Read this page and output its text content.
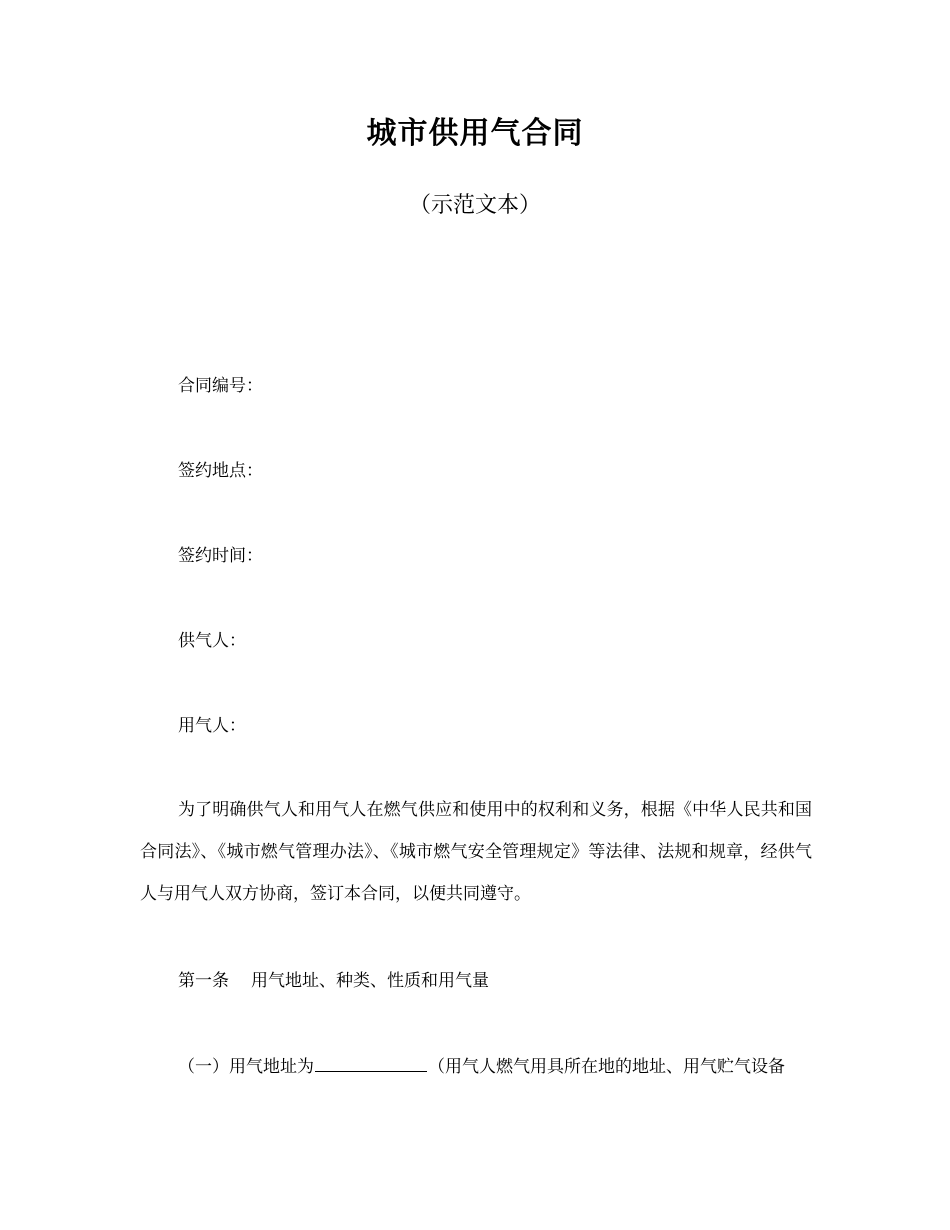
城市供用气合同
（示范文本）
合同编号：
签约地点：
签约时间：
供气人：
用气人：
为了明确供气人和用气人在燃气供应和使用中的权利和义务，根据《中华人民共和国合同法》、《城市燃气管理办法》、《城市燃气安全管理规定》等法律、法规和规章，经供气人与用气人双方协商，签订本合同，以便共同遵守。
第一条 用气地址、种类、性质和用气量
（一）用气地址为	（用气人燃气用具所在地的地址、用气贮气设备
